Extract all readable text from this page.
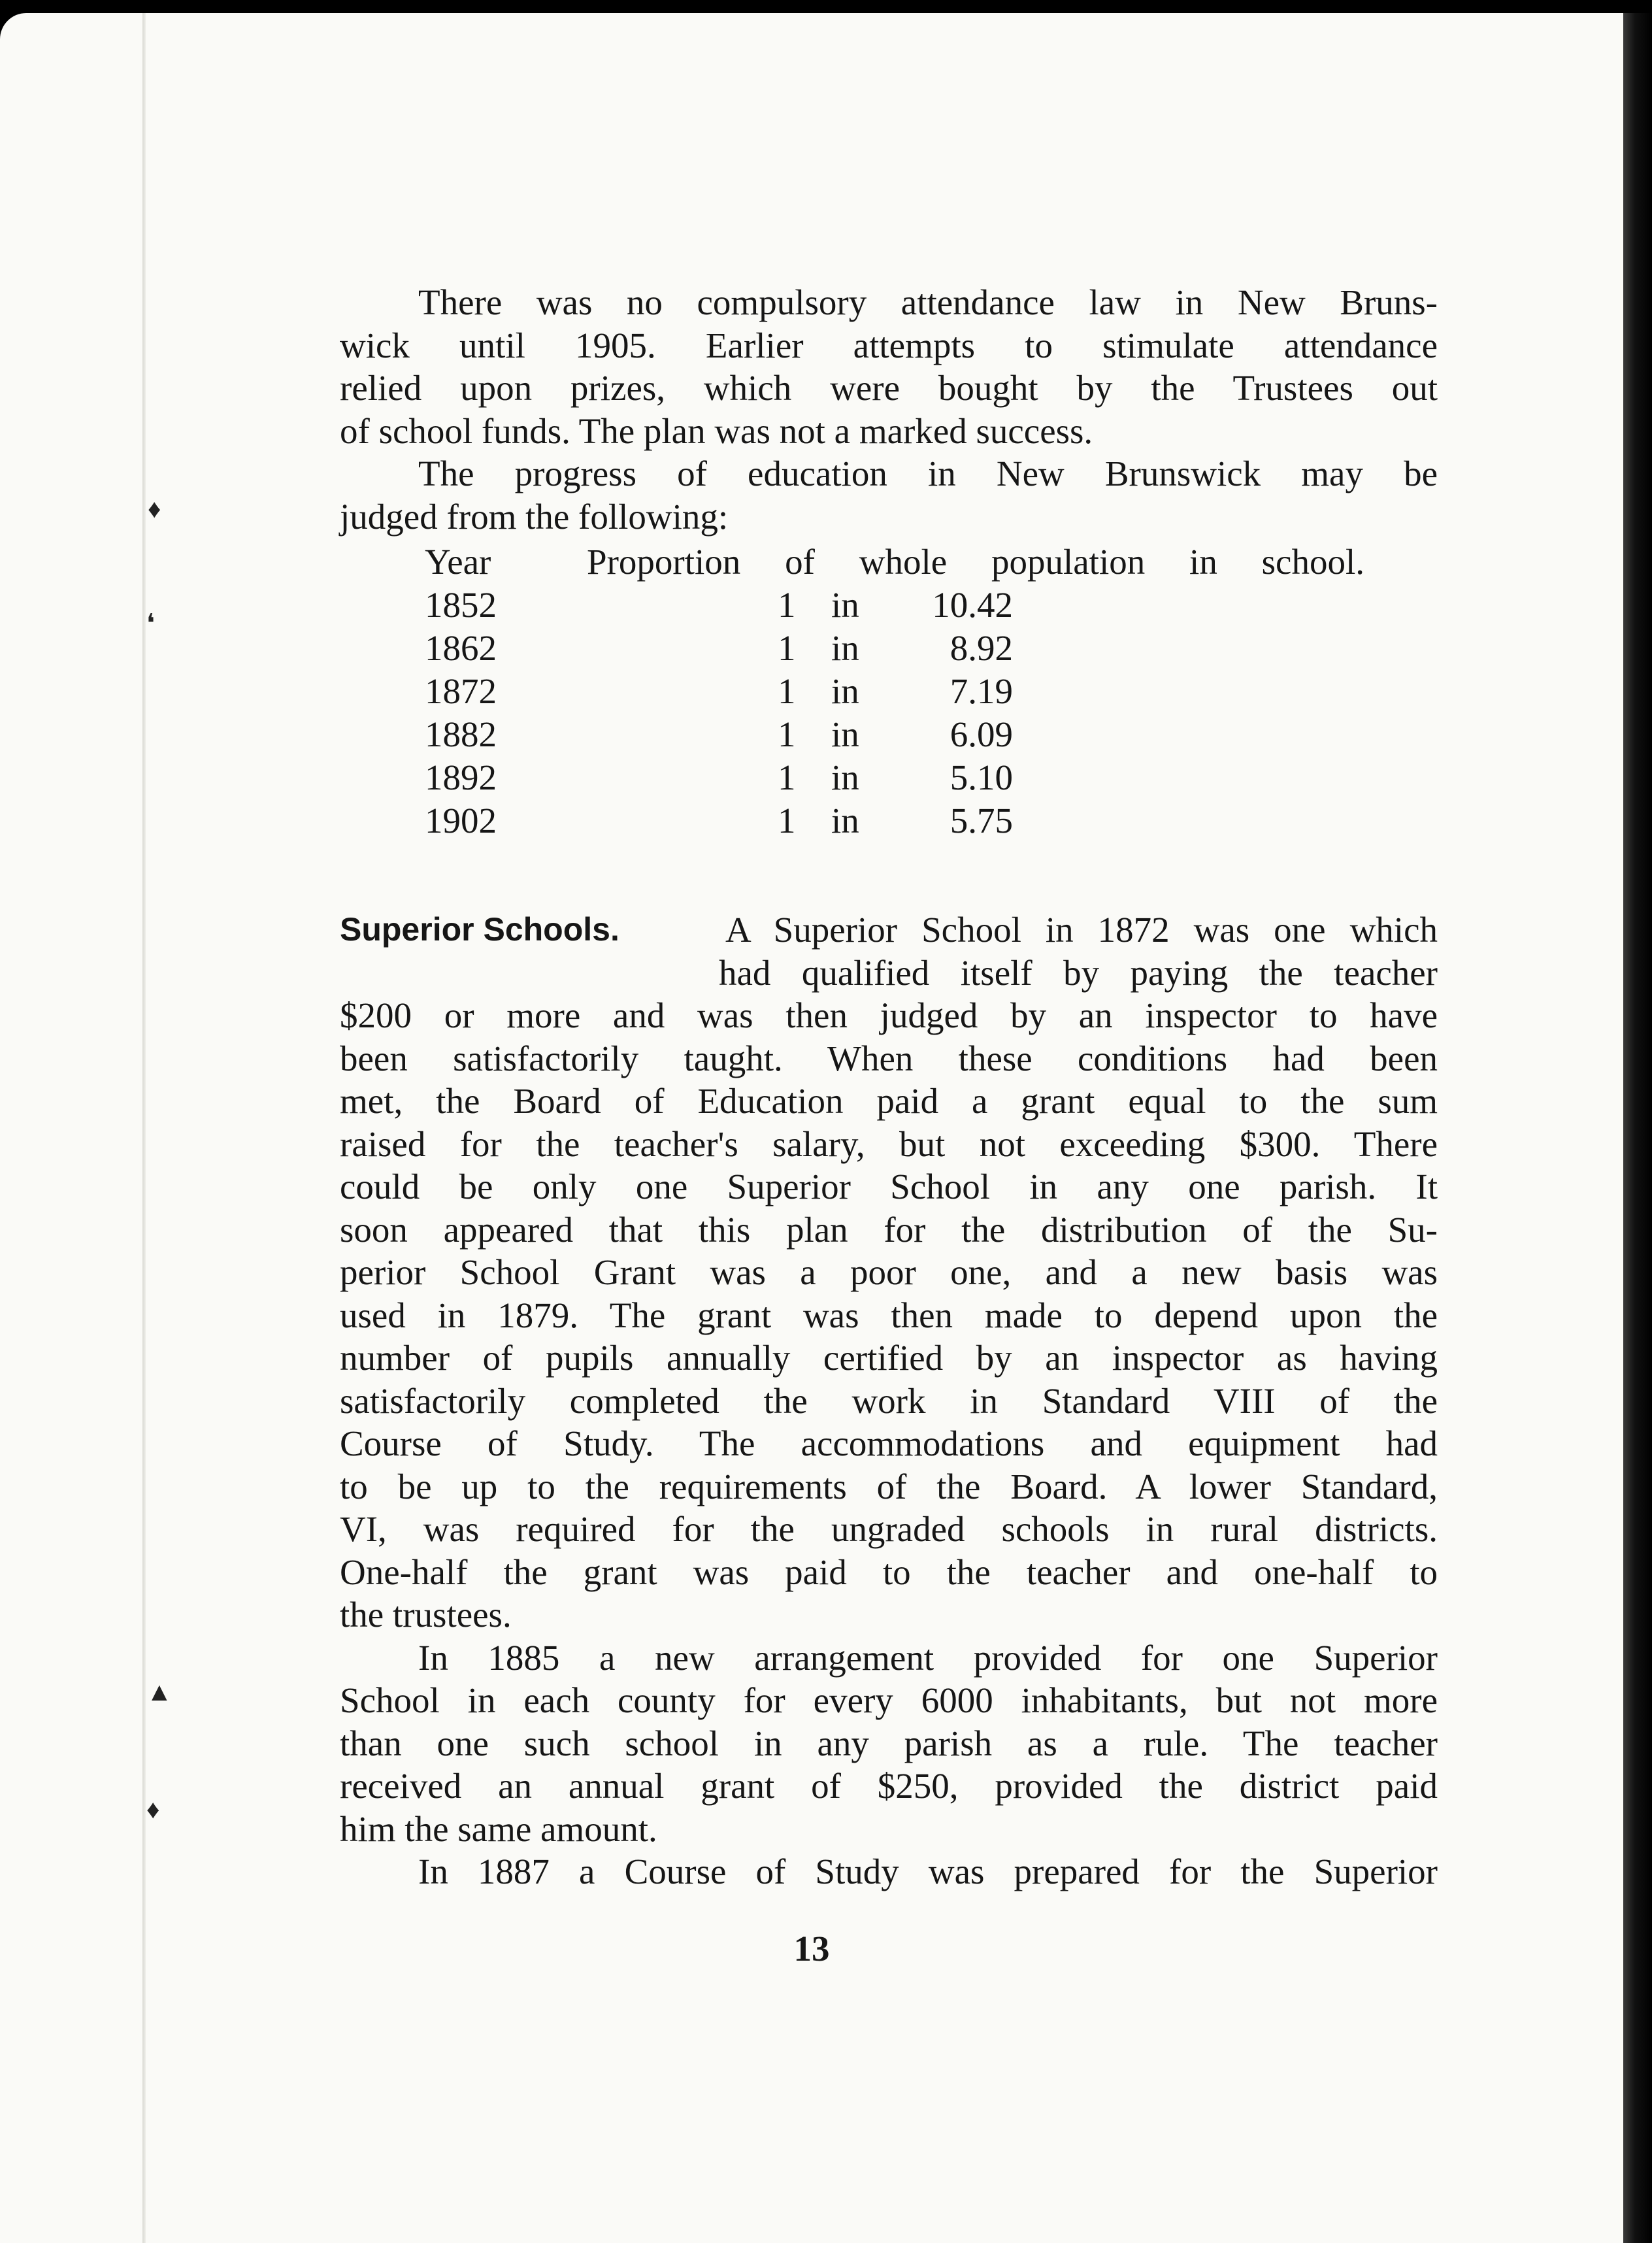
♦
❛
▲
♦

There was no compulsory attendance law in New Bruns-

wick until 1905. Earlier attempts to stimulate attendance

relied upon prizes, which were bought by the Trustees out

of school funds. The plan was not a marked success.

The progress of education in New Brunswick may be

judged from the following:

Year	Proportion of whole population in school.
1852	1 in	10.42
1862	1 in	8.92
1872	1 in	7.19
1882	1 in	6.09
1892	1 in	5.10
1902	1 in	5.75

Superior Schools.	A Superior School in 1872 was one which

had qualified itself by paying the teacher

$200 or more and was then judged by an inspector to have

been satisfactorily taught. When these conditions had been

met, the Board of Education paid a grant equal to the sum

raised for the teacher's salary, but not exceeding $300. There

could be only one Superior School in any one parish. It

soon appeared that this plan for the distribution of the Su-

perior School Grant was a poor one, and a new basis was

used in 1879. The grant was then made to depend upon the

number of pupils annually certified by an inspector as having

satisfactorily completed the work in Standard VIII of the

Course of Study. The accommodations and equipment had

to be up to the requirements of the Board. A lower Standard,

VI, was required for the ungraded schools in rural districts.

One-half the grant was paid to the teacher and one-half to

the trustees.

In 1885 a new arrangement provided for one Superior

School in each county for every 6000 inhabitants, but not more

than one such school in any parish as a rule. The teacher

received an annual grant of $250, provided the district paid

him the same amount.

In 1887 a Course of Study was prepared for the Superior

13
